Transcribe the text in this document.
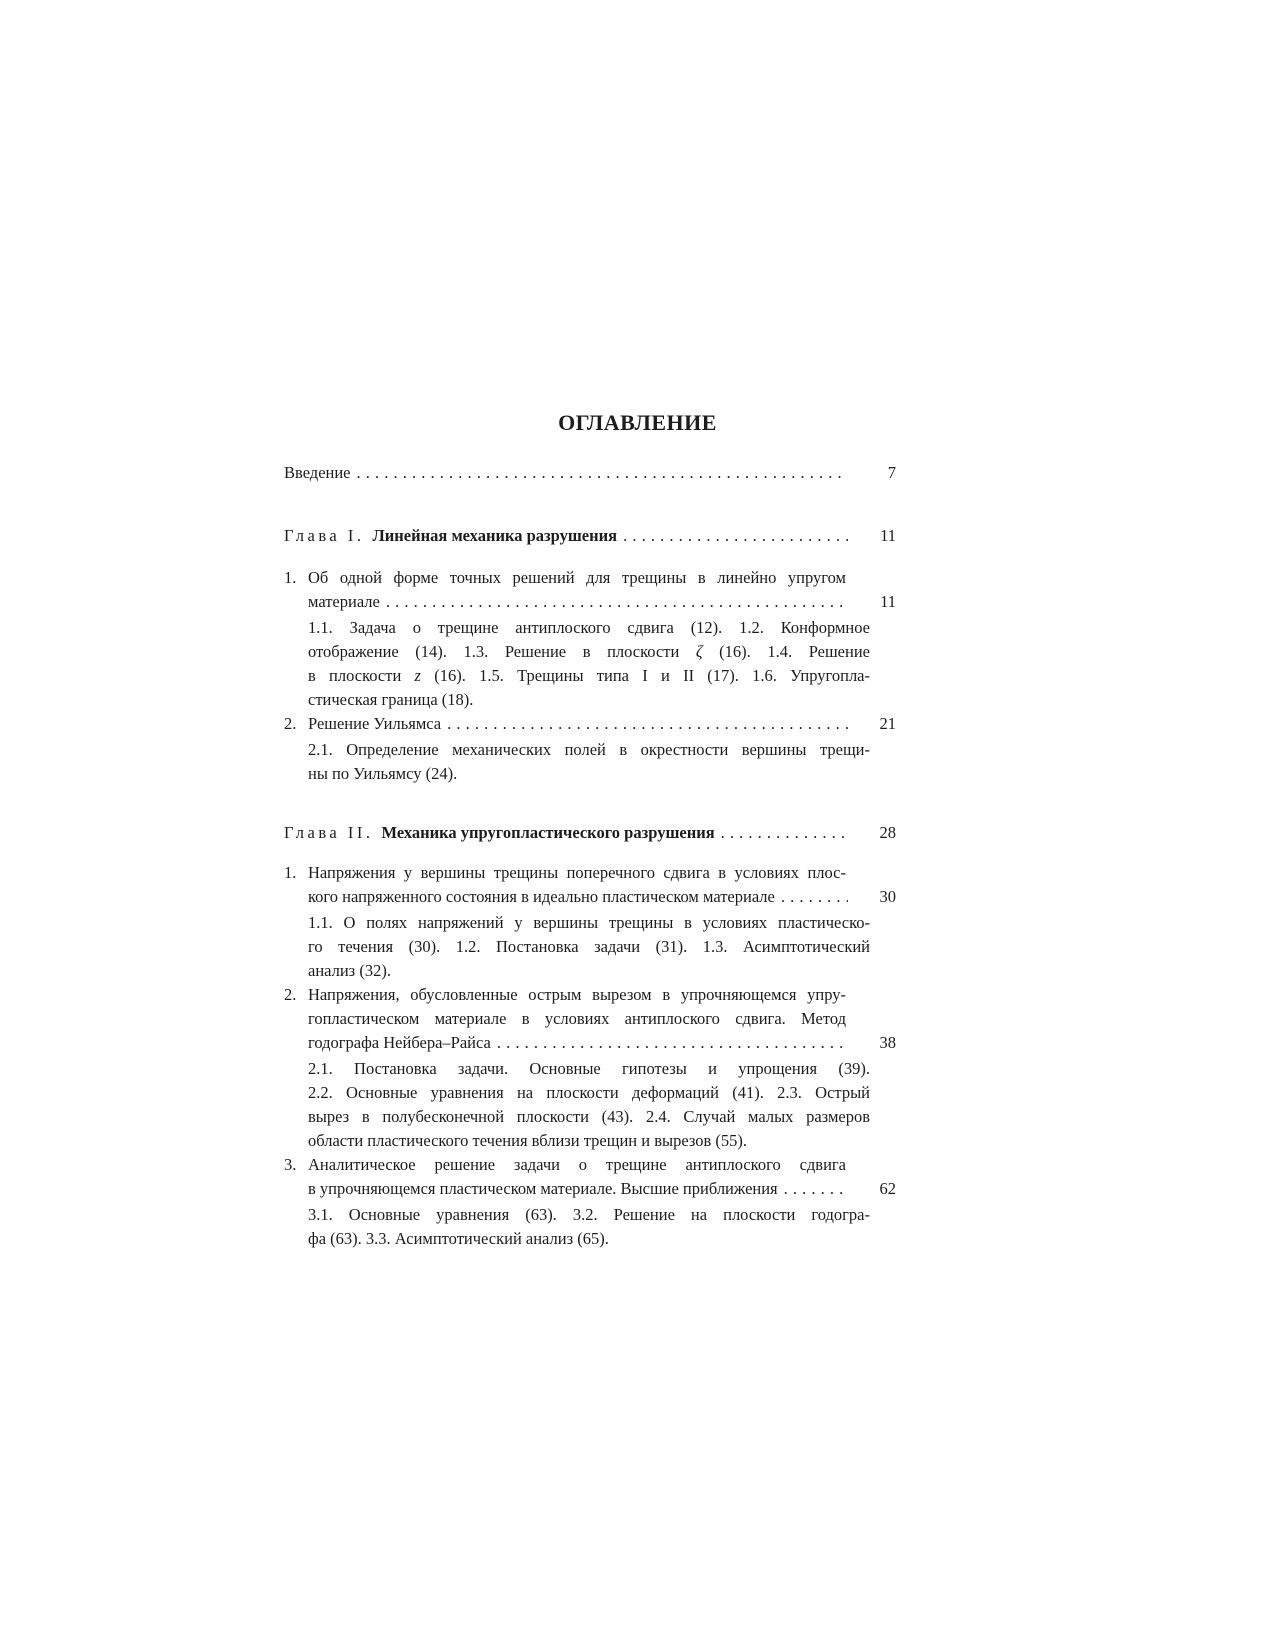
ОГЛАВЛЕНИЕ
Введение . . .	7
Глава I. Линейная механика разрушения . . .	11
1. Об одной форме точных решений для трещины в линейно упругом
материале . . .	11
1.1. Задача о трещине антиплоского сдвига (12). 1.2. Конформное
отображение (14). 1.3. Решение в плоскости ζ (16). 1.4. Решение
в плоскости z (16). 1.5. Трещины типа I и II (17). 1.6. Упругопла-
стическая граница (18).
2. Решение Уильямса . . .	21
2.1. Определение механических полей в окрестности вершины трещи-
ны по Уильямсу (24).
Глава II. Механика упругопластического разрушения . . .	28
1. Напряжения у вершины трещины поперечного сдвига в условиях плос-
кого напряженного состояния в идеально пластическом материале . . .	30
1.1. О полях напряжений у вершины трещины в условиях пластическо-
го течения (30). 1.2. Постановка задачи (31). 1.3. Асимптотический
анализ (32).
2. Напряжения, обусловленные острым вырезом в упрочняющемся упру-
гопластическом материале в условиях антиплоского сдвига. Метод
годографа Нейбера–Райса . . .	38
2.1. Постановка задачи. Основные гипотезы и упрощения (39).
2.2. Основные уравнения на плоскости деформаций (41). 2.3. Острый
вырез в полубесконечной плоскости (43). 2.4. Случай малых размеров
области пластического течения вблизи трещин и вырезов (55).
3. Аналитическое решение задачи о трещине антиплоского сдвига
в упрочняющемся пластическом материале. Высшие приближения . . .	62
3.1. Основные уравнения (63). 3.2. Решение на плоскости годогра-
фа (63). 3.3. Асимптотический анализ (65).
